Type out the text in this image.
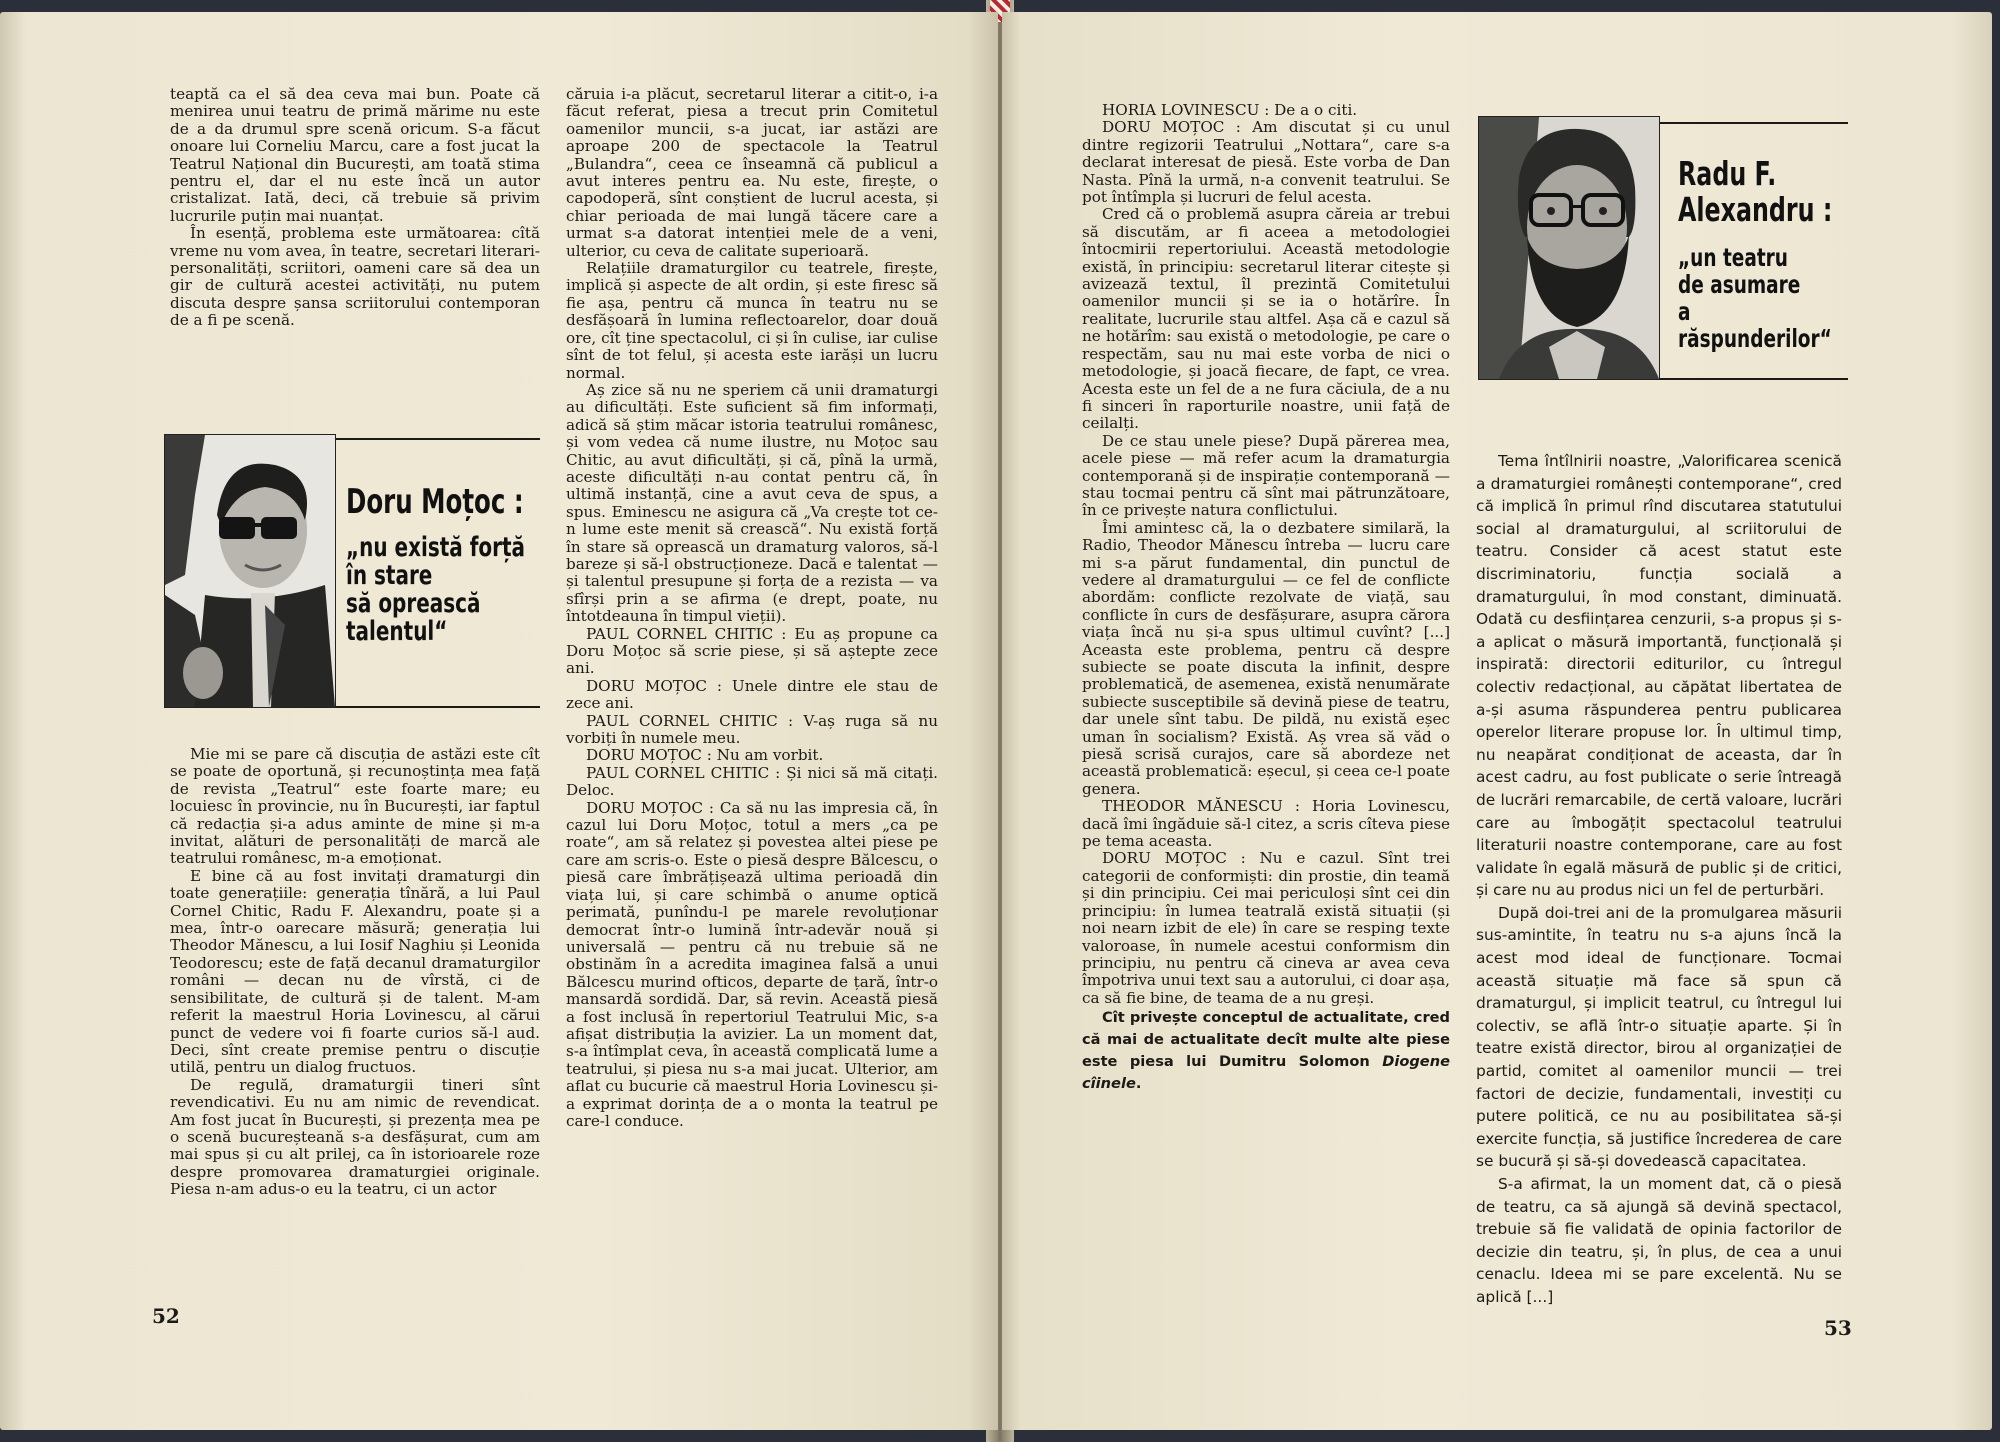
teaptă ca el să dea ceva mai bun. Poate că menirea unui teatru de primă mărime nu este de a da drumul spre scenă oricum. S-a făcut onoare lui Corneliu Marcu, care a fost jucat la Teatrul Național din București, am toată stima pentru el, dar el nu este încă un autor cristalizat. Iată, deci, că trebuie să privim lucrurile puțin mai nuanțat.

În esență, problema este următoarea: cîtă vreme nu vom avea, în teatre, secretari literari-personalități, scriitori, oameni care să dea un gir de cultură acestei activități, nu putem discuta despre șansa scriitorului contemporan de a fi pe scenă.

Doru Moțoc :
„nu există forță
în stare
să oprească
talentul“

Mie mi se pare că discuția de astăzi este cît se poate de oportună, și recunoștința mea față de revista „Teatrul“ este foarte mare; eu locuiesc în provincie, nu în București, iar faptul că redacția și-a adus aminte de mine și m-a invitat, alături de personalități de marcă ale teatrului românesc, m-a emoționat.

E bine că au fost invitați dramaturgi din toate generațiile: generația tînără, a lui Paul Cornel Chitic, Radu F. Alexandru, poate și a mea, într-o oarecare măsură; generația lui Theodor Mănescu, a lui Iosif Naghiu și Leonida Teodorescu; este de față decanul dramaturgilor români — decan nu de vîrstă, ci de sensibilitate, de cultură și de talent. M-am referit la maestrul Horia Lovinescu, al cărui punct de vedere voi fi foarte curios să-l aud. Deci, sînt create premise pentru o discuție utilă, pentru un dialog fructuos.

De regulă, dramaturgii tineri sînt revendicativi. Eu nu am nimic de revendicat. Am fost jucat în București, și prezența mea pe o scenă bucureșteană s-a desfășurat, cum am mai spus și cu alt prilej, ca în istorioarele roze despre promovarea dramaturgiei originale. Piesa n-am adus-o eu la teatru, ci un actor

căruia i-a plăcut, secretarul literar a citit-o, i-a făcut referat, piesa a trecut prin Comitetul oamenilor muncii, s-a jucat, iar astăzi are aproape 200 de spectacole la Teatrul „Bulandra“, ceea ce înseamnă că publicul a avut interes pentru ea. Nu este, firește, o capodoperă, sînt conștient de lucrul acesta, și chiar perioada de mai lungă tăcere care a urmat s-a datorat intenției mele de a veni, ulterior, cu ceva de calitate superioară.

Relațiile dramaturgilor cu teatrele, firește, implică și aspecte de alt ordin, și este firesc să fie așa, pentru că munca în teatru nu se desfășoară în lumina reflectoarelor, doar două ore, cît ține spectacolul, ci și în culise, iar culise sînt de tot felul, și acesta este iarăși un lucru normal.

Aș zice să nu ne speriem că unii dramaturgi au dificultăți. Este suficient să fim informați, adică să știm măcar istoria teatrului românesc, și vom vedea că nume ilustre, nu Moțoc sau Chitic, au avut dificultăți, și că, pînă la urmă, aceste dificultăți n-au contat pentru că, în ultimă instanță, cine a avut ceva de spus, a spus. Eminescu ne asigura că „Va crește tot ce-n lume este menit să crească“. Nu există forță în stare să oprească un dramaturg valoros, să-l bareze și să-l obstrucționeze. Dacă e talentat — și talentul presupune și forța de a rezista — va sfîrși prin a se afirma (e drept, poate, nu întotdeauna în timpul vieții).

PAUL CORNEL CHITIC : Eu aș propune ca Doru Moțoc să scrie piese, și să aștepte zece ani.

DORU MOȚOC : Unele dintre ele stau de zece ani.

PAUL CORNEL CHITIC : V-aș ruga să nu vorbiți în numele meu.

DORU MOȚOC : Nu am vorbit.

PAUL CORNEL CHITIC : Și nici să mă citați. Deloc.

DORU MOȚOC : Ca să nu las impresia că, în cazul lui Doru Moțoc, totul a mers „ca pe roate“, am să relatez și povestea altei piese pe care am scris-o. Este o piesă despre Bălcescu, o piesă care îmbrățișează ultima perioadă din viața lui, și care schimbă o anume optică perimată, punîndu-l pe marele revoluționar democrat într-o lumină într-adevăr nouă și universală — pentru că nu trebuie să ne obstinăm în a acredita imaginea falsă a unui Bălcescu murind ofticos, departe de țară, într-o mansardă sordidă. Dar, să revin. Această piesă a fost inclusă în repertoriul Teatrului Mic, s-a afișat distribuția la avizier. La un moment dat, s-a întîmplat ceva, în această complicată lume a teatrului, și piesa nu s-a mai jucat. Ulterior, am aflat cu bucurie că maestrul Horia Lovinescu și-a exprimat dorința de a o monta la teatrul pe care-l conduce.

52

HORIA LOVINESCU : De a o citi.

DORU MOȚOC : Am discutat și cu unul dintre regizorii Teatrului „Nottara“, care s-a declarat interesat de piesă. Este vorba de Dan Nasta. Pînă la urmă, n-a convenit teatrului. Se pot întîmpla și lucruri de felul acesta.

Cred că o problemă asupra căreia ar trebui să discutăm, ar fi aceea a metodologiei întocmirii repertoriului. Această metodologie există, în principiu: secretarul literar citește și avizează textul, îl prezintă Comitetului oamenilor muncii și se ia o hotărîre. În realitate, lucrurile stau altfel. Așa că e cazul să ne hotărîm: sau există o metodologie, pe care o respectăm, sau nu mai este vorba de nici o metodologie, și joacă fiecare, de fapt, ce vrea. Acesta este un fel de a ne fura căciula, de a nu fi sinceri în raporturile noastre, unii față de ceilalți.

De ce stau unele piese? După părerea mea, acele piese — mă refer acum la dramaturgia contemporană și de inspirație contemporană — stau tocmai pentru că sînt mai pătrunzătoare, în ce privește natura conflictului.

Îmi amintesc că, la o dezbatere similară, la Radio, Theodor Mănescu întreba — lucru care mi s-a părut fundamental, din punctul de vedere al dramaturgului — ce fel de conflicte abordăm: conflicte rezolvate de viață, sau conflicte în curs de desfășurare, asupra cărora viața încă nu și-a spus ultimul cuvînt? [...] Aceasta este problema, pentru că despre subiecte se poate discuta la infinit, despre problematică, de asemenea, există nenumărate subiecte susceptibile să devină piese de teatru, dar unele sînt tabu. De pildă, nu există eșec uman în socialism? Există. Aș vrea să văd o piesă scrisă curajos, care să abordeze net această problematică: eșecul, și ceea ce-l poate genera.

THEODOR MĂNESCU : Horia Lovinescu, dacă îmi îngăduie să-l citez, a scris cîteva piese pe tema aceasta.

DORU MOȚOC : Nu e cazul. Sînt trei categorii de conformiști: din prostie, din teamă și din principiu. Cei mai periculoși sînt cei din principiu: în lumea teatrală există situații (și noi nearn izbit de ele) în care se resping texte valoroase, în numele acestui conformism din principiu, nu pentru că cineva ar avea ceva împotriva unui text sau a autorului, ci doar așa, ca să fie bine, de teama de a nu greși.

Cît privește conceptul de actualitate, cred că mai de actualitate decît multe alte piese este piesa lui Dumitru Solomon Diogene cîinele.

Radu F.
Alexandru :
„un teatru
de asumare
a
răspunderilor“

Tema întîlnirii noastre, „Valorificarea scenică a dramaturgiei românești contemporane“, cred că implică în primul rînd discutarea statutului social al dramaturgului, al scriitorului de teatru. Consider că acest statut este discriminatoriu, funcția socială a dramaturgului, în mod constant, diminuată. Odată cu desființarea cenzurii, s-a propus și s-a aplicat o măsură importantă, funcțională și inspirată: directorii editurilor, cu întregul colectiv redacțional, au căpătat libertatea de a-și asuma răspunderea pentru publicarea operelor literare propuse lor. În ultimul timp, nu neapărat condiționat de aceasta, dar în acest cadru, au fost publicate o serie întreagă de lucrări remarcabile, de certă valoare, lucrări care au îmbogățit spectacolul teatrului literaturii noastre contemporane, care au fost validate în egală măsură de public și de critici, și care nu au produs nici un fel de perturbări.

După doi-trei ani de la promulgarea măsurii sus-amintite, în teatru nu s-a ajuns încă la acest mod ideal de funcționare. Tocmai această situație mă face să spun că dramaturgul, și implicit teatrul, cu întregul lui colectiv, se află într-o situație aparte. Și în teatre există director, birou al organizației de partid, comitet al oamenilor muncii — trei factori de decizie, fundamentali, investiți cu putere politică, ce nu au posibilitatea să-și exercite funcția, să justifice încrederea de care se bucură și să-și dovedească capacitatea.

S-a afirmat, la un moment dat, că o piesă de teatru, ca să ajungă să devină spectacol, trebuie să fie validată de opinia factorilor de decizie din teatru, și, în plus, de cea a unui cenaclu. Ideea mi se pare excelentă. Nu se aplică [...]

53
